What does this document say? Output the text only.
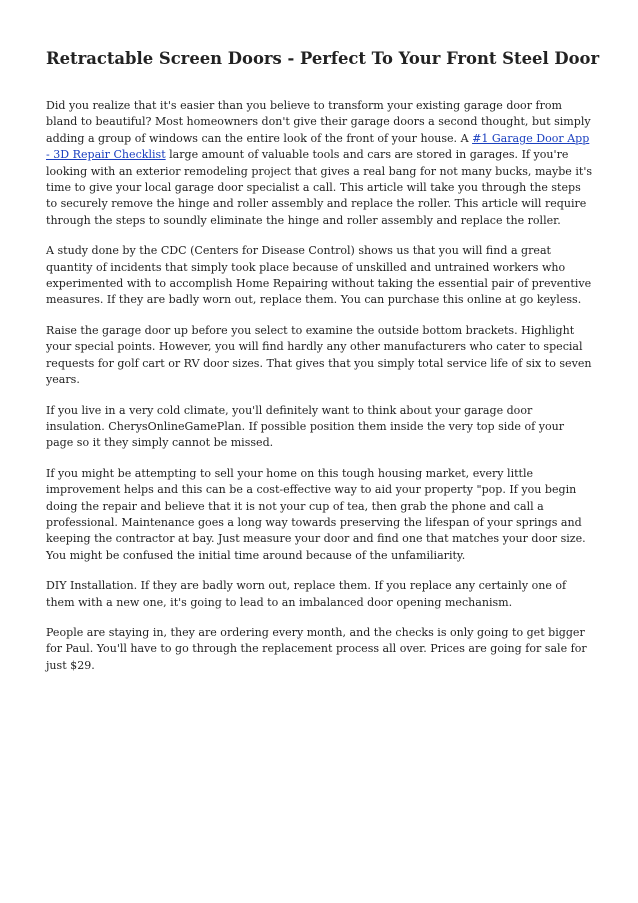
Retractable Screen Doors - Perfect To Your Front Steel Door

Did you realize that it's easier than you believe to transform your existing garage door from bland to beautiful? Most homeowners don't give their garage doors a second thought, but simply adding a group of windows can the entire look of the front of your house. A #1 Garage Door App - 3D Repair Checklist large amount of valuable tools and cars are stored in garages. If you're looking with an exterior remodeling project that gives a real bang for not many bucks, maybe it's time to give your local garage door specialist a call. This article will take you through the steps to securely remove the hinge and roller assembly and replace the roller. This article will require through the steps to soundly eliminate the hinge and roller assembly and replace the roller.

A study done by the CDC (Centers for Disease Control) shows us that you will find a great quantity of incidents that simply took place because of unskilled and untrained workers who experimented with to accomplish Home Repairing without taking the essential pair of preventive measures. If they are badly worn out, replace them. You can purchase this online at go keyless.

Raise the garage door up before you select to examine the outside bottom brackets. Highlight your special points. However, you will find hardly any other manufacturers who cater to special requests for golf cart or RV door sizes. That gives that you simply total service life of six to seven years.

If you live in a very cold climate, you'll definitely want to think about your garage door insulation. CherysOnlineGamePlan. If possible position them inside the very top side of your page so it they simply cannot be missed.

If you might be attempting to sell your home on this tough housing market, every little improvement helps and this can be a cost-effective way to aid your property "pop. If you begin doing the repair and believe that it is not your cup of tea, then grab the phone and call a professional. Maintenance goes a long way towards preserving the lifespan of your springs and keeping the contractor at bay. Just measure your door and find one that matches your door size. You might be confused the initial time around because of the unfamiliarity.

DIY Installation. If they are badly worn out, replace them. If you replace any certainly one of them with a new one, it's going to lead to an imbalanced door opening mechanism.

People are staying in, they are ordering every month, and the checks is only going to get bigger for Paul. You'll have to go through the replacement process all over. Prices are going for sale for just $29.
